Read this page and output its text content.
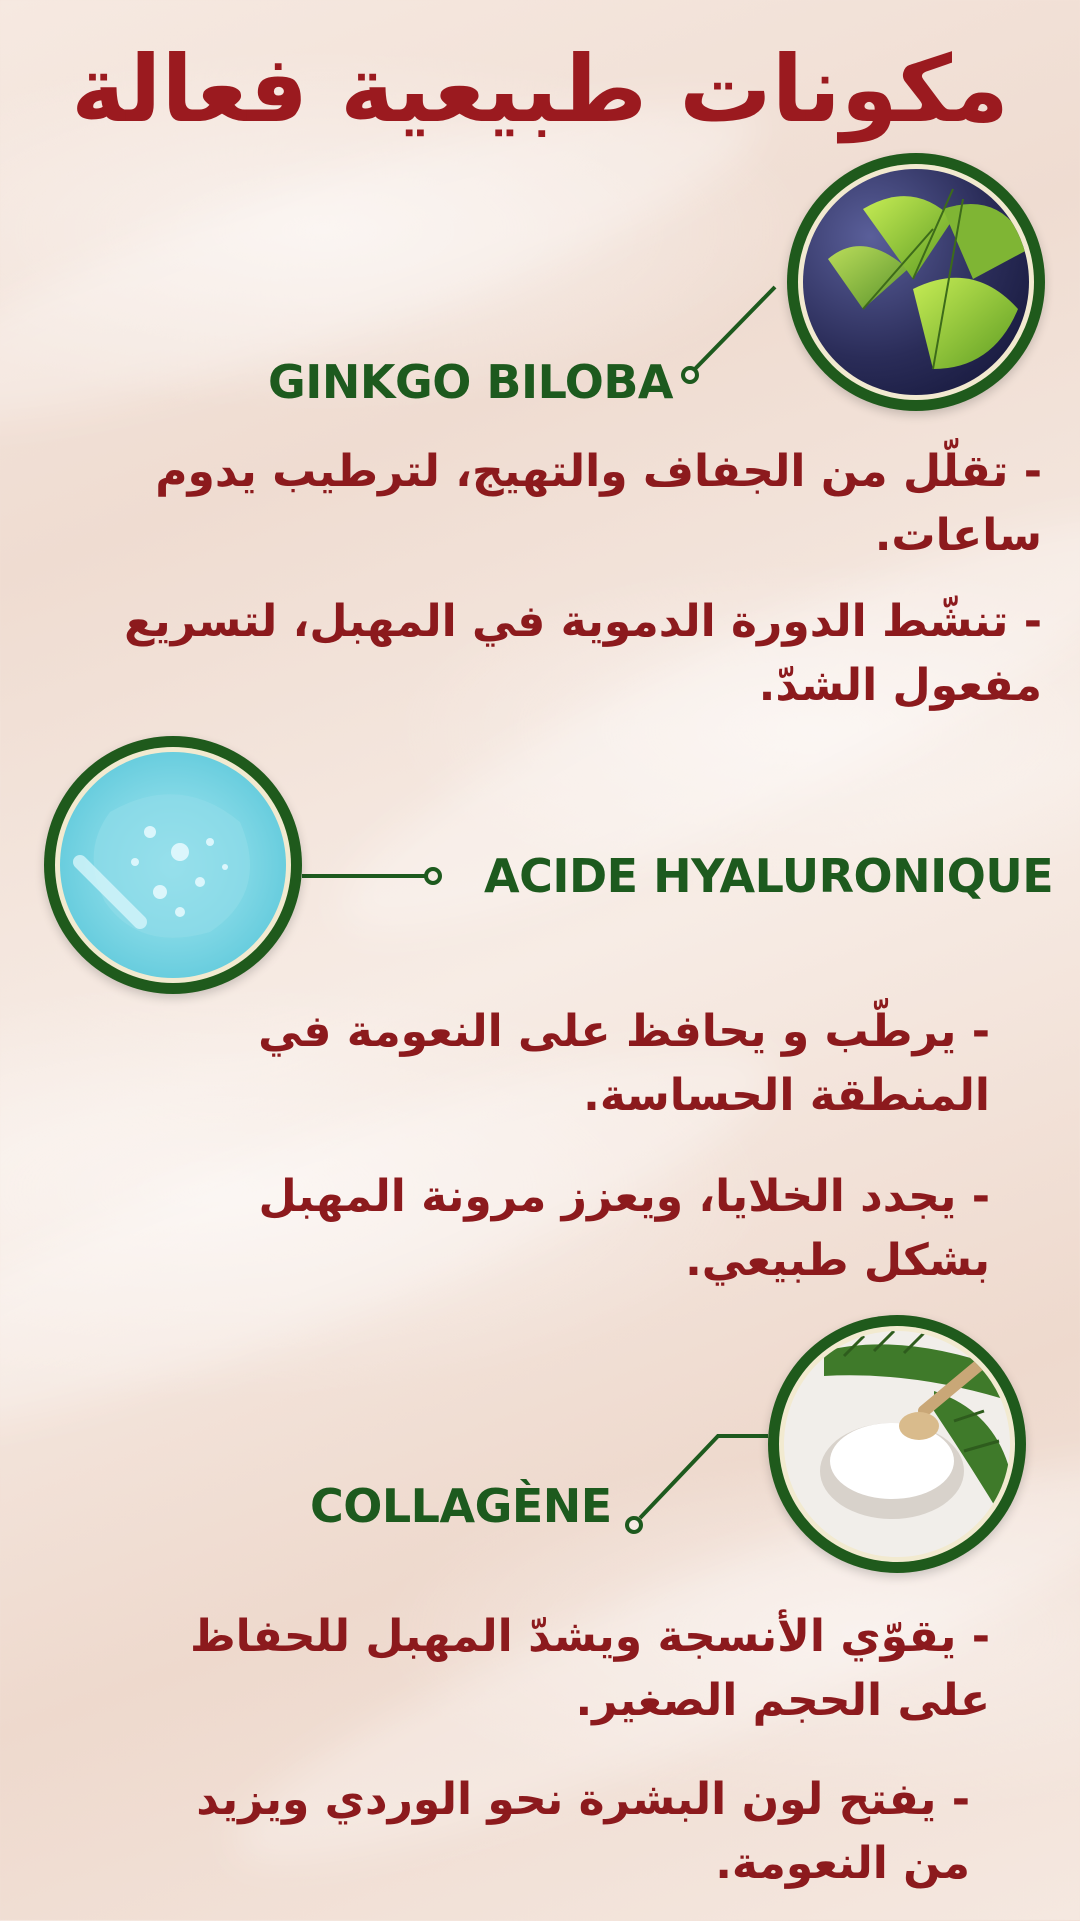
مكونات طبيعية فعالة
GINKGO BILOBA
ACIDE HYALURONIQUE
COLLAGÈNE

- تقلّل من الجفاف والتهيج، لترطيب يدوم ساعات.

- تنشّط الدورة الدموية في المهبل، لتسريع مفعول الشدّ.

- يرطّب و يحافظ على النعومة في المنطقة الحساسة.

- يجدد الخلايا، ويعزز مرونة المهبل بشكل طبيعي.

- يقوّي الأنسجة ويشدّ المهبل للحفاظ على الحجم الصغير.

- يفتح لون البشرة نحو الوردي ويزيد من النعومة.
